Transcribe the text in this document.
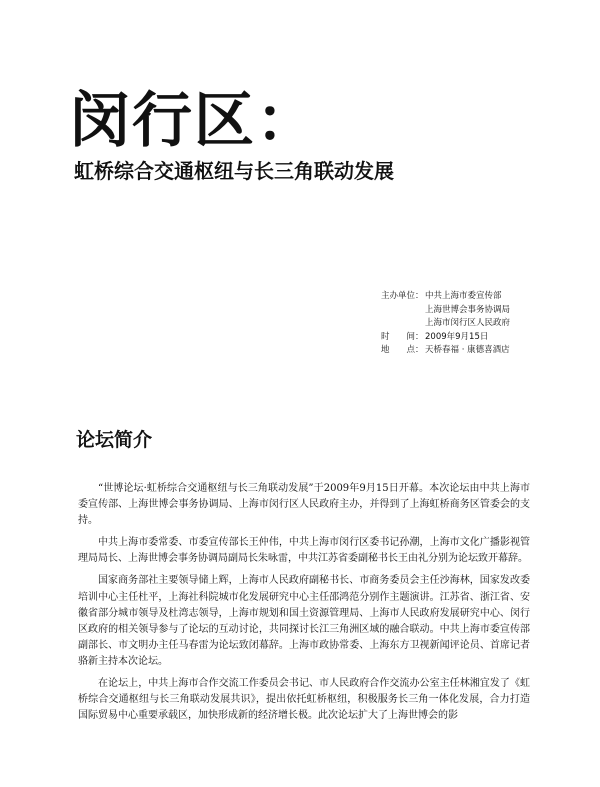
闵行区：
虹桥综合交通枢纽与长三角联动发展
主办单位： 中共上海市委宣传部
上海世博会事务协调局
上海市闵行区人民政府
时　　间： 2009年9月15日
地　　点： 天桥春福 · 康德喜酒店
论坛简介

“世博论坛·虹桥综合交通枢纽与长三角联动发展”于2009年9月15日开幕。本次论坛由中共上海市委宣传部、上海世博会事务协调局、上海市闵行区人民政府主办，并得到了上海虹桥商务区管委会的支持。

中共上海市委常委、市委宣传部长王仲伟，中共上海市闵行区委书记孙潮，上海市文化广播影视管理局局长、上海世博会事务协调局副局长朱咏雷，中共江苏省委副秘书长王由礼分别为论坛致开幕辞。

国家商务部社主要领导储上辉，上海市人民政府副秘书长、市商务委员会主任沙海林，国家发改委培训中心主任杜平，上海社科院城市化发展研究中心主任邵鸿范分别作主题演讲。江苏省、浙江省、安徽省部分城市领导及杜湾志领导，上海市规划和国土资源管理局、上海市人民政府发展研究中心、闵行区政府的相关领导参与了论坛的互动讨论，共同探讨长江三角洲区域的融合联动。中共上海市委宣传部副部长、市文明办主任马春雷为论坛致闭幕辞。上海市政协常委、上海东方卫视新闻评论员、首席记者骆新主持本次论坛。

在论坛上，中共上海市合作交流工作委员会书记、市人民政府合作交流办公室主任林湘宜发了《虹桥综合交通枢纽与长三角联动发展共识》，提出依托虹桥枢纽，积极服务长三角一体化发展，合力打造国际贸易中心重要承载区，加快形成新的经济增长极。此次论坛扩大了上海世博会的影
